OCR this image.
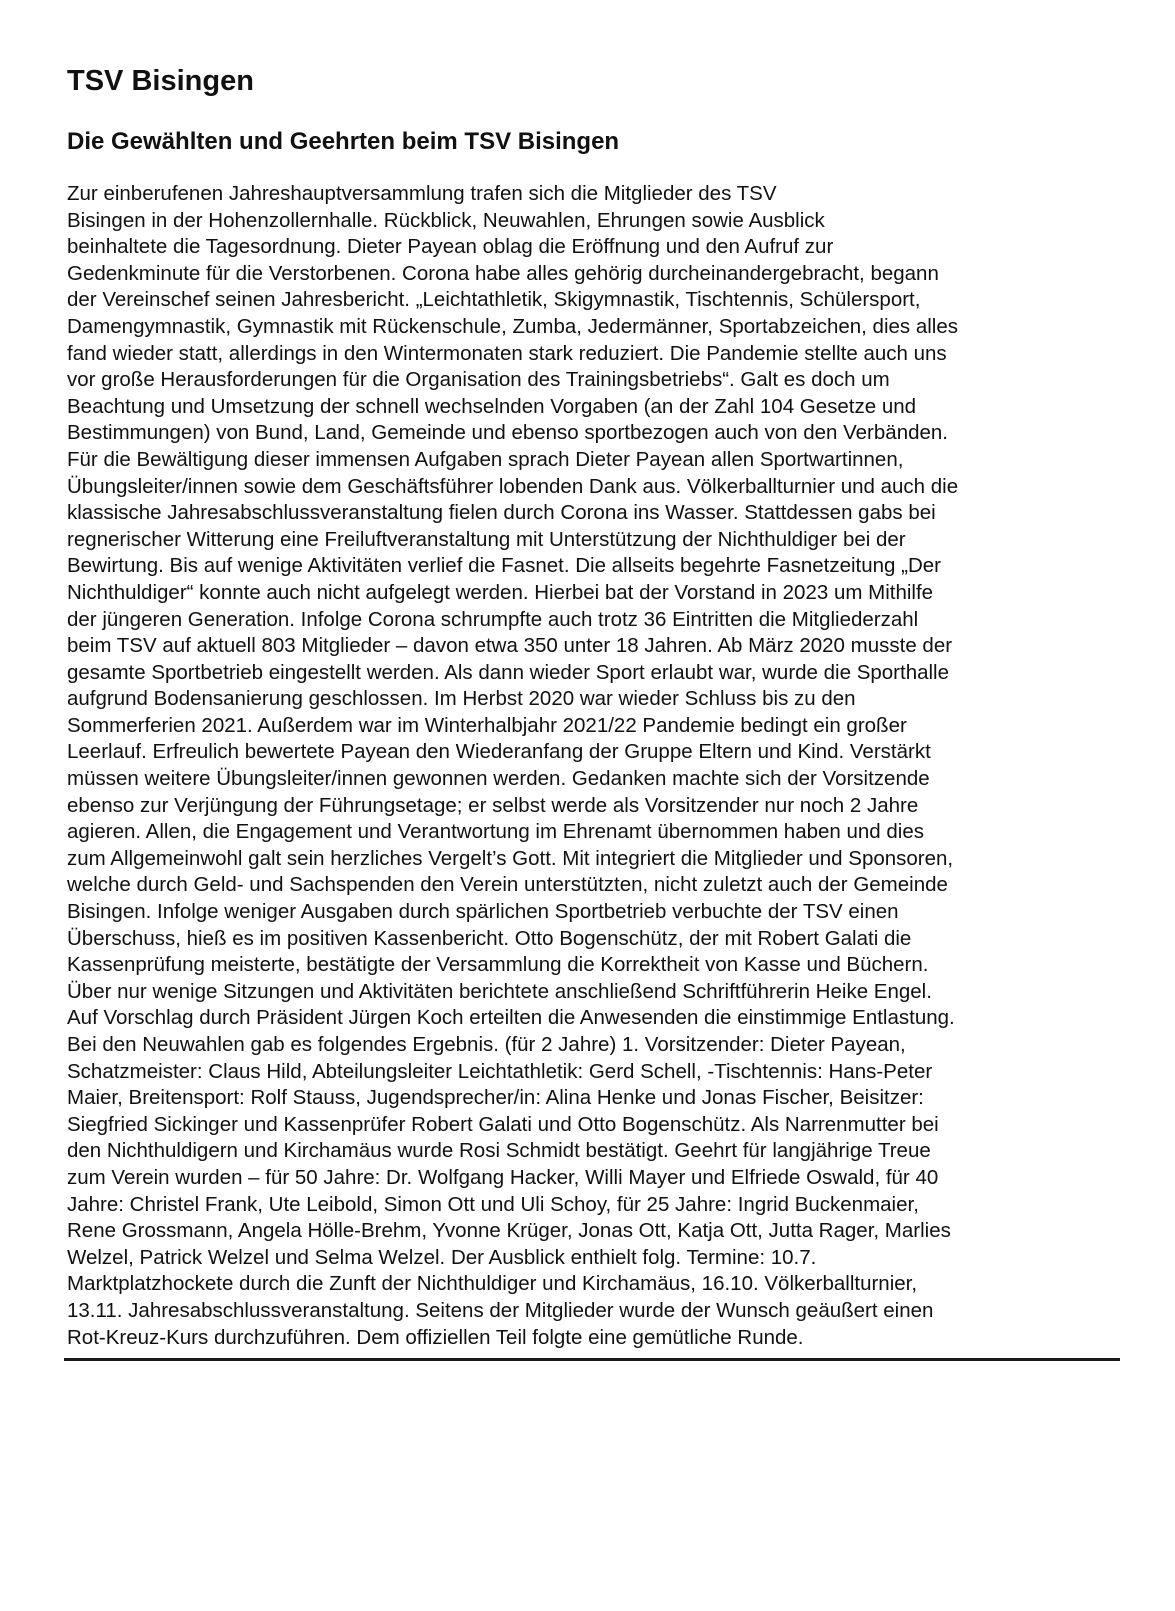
TSV Bisingen
Die Gewählten und Geehrten beim TSV Bisingen
Zur einberufenen Jahreshauptversammlung trafen sich die Mitglieder des TSV
Bisingen in der Hohenzollernhalle. Rückblick, Neuwahlen, Ehrungen sowie Ausblick
beinhaltete die Tagesordnung. Dieter Payean oblag die Eröffnung und den Aufruf zur
Gedenkminute für die Verstorbenen. Corona habe alles gehörig durcheinandergebracht, begann
der Vereinschef seinen Jahresbericht. „Leichtathletik, Skigymnastik, Tischtennis, Schülersport,
Damengymnastik, Gymnastik mit Rückenschule, Zumba, Jedermänner, Sportabzeichen, dies alles
fand wieder statt, allerdings in den Wintermonaten stark reduziert. Die Pandemie stellte auch uns
vor große Herausforderungen für die Organisation des Trainingsbetriebs“. Galt es doch um
Beachtung und Umsetzung der schnell wechselnden Vorgaben (an der Zahl 104 Gesetze und
Bestimmungen) von Bund, Land, Gemeinde und ebenso sportbezogen auch von den Verbänden.
Für die Bewältigung dieser immensen Aufgaben sprach Dieter Payean allen Sportwartinnen,
Übungsleiter/innen sowie dem Geschäftsführer lobenden Dank aus. Völkerballturnier und auch die
klassische Jahresabschlussveranstaltung fielen durch Corona ins Wasser. Stattdessen gabs bei
regnerischer Witterung eine Freiluftveranstaltung mit Unterstützung der Nichthuldiger bei der
Bewirtung. Bis auf wenige Aktivitäten verlief die Fasnet. Die allseits begehrte Fasnetzeitung „Der
Nichthuldiger“ konnte auch nicht aufgelegt werden. Hierbei bat der Vorstand in 2023 um Mithilfe
der jüngeren Generation. Infolge Corona schrumpfte auch trotz 36 Eintritten die Mitgliederzahl
beim TSV auf aktuell 803 Mitglieder – davon etwa 350 unter 18 Jahren. Ab März 2020 musste der
gesamte Sportbetrieb eingestellt werden. Als dann wieder Sport erlaubt war, wurde die Sporthalle
aufgrund Bodensanierung geschlossen. Im Herbst 2020 war wieder Schluss bis zu den
Sommerferien 2021. Außerdem war im Winterhalbjahr 2021/22 Pandemie bedingt ein großer
Leerlauf. Erfreulich bewertete Payean den Wiederanfang der Gruppe Eltern und Kind. Verstärkt
müssen weitere Übungsleiter/innen gewonnen werden. Gedanken machte sich der Vorsitzende
ebenso zur Verjüngung der Führungsetage; er selbst werde als Vorsitzender nur noch 2 Jahre
agieren. Allen, die Engagement und Verantwortung im Ehrenamt übernommen haben und dies
zum Allgemeinwohl galt sein herzliches Vergelt’s Gott. Mit integriert die Mitglieder und Sponsoren,
welche durch Geld- und Sachspenden den Verein unterstützten, nicht zuletzt auch der Gemeinde
Bisingen. Infolge weniger Ausgaben durch spärlichen Sportbetrieb verbuchte der TSV einen
Überschuss, hieß es im positiven Kassenbericht. Otto Bogenschütz, der mit Robert Galati die
Kassenprüfung meisterte, bestätigte der Versammlung die Korrektheit von Kasse und Büchern.
Über nur wenige Sitzungen und Aktivitäten berichtete anschließend Schriftführerin Heike Engel.
Auf Vorschlag durch Präsident Jürgen Koch erteilten die Anwesenden die einstimmige Entlastung.
Bei den Neuwahlen gab es folgendes Ergebnis. (für 2 Jahre) 1. Vorsitzender: Dieter Payean,
Schatzmeister: Claus Hild, Abteilungsleiter Leichtathletik: Gerd Schell, -Tischtennis: Hans-Peter
Maier, Breitensport: Rolf Stauss, Jugendsprecher/in: Alina Henke und Jonas Fischer, Beisitzer:
Siegfried Sickinger und Kassenprüfer Robert Galati und Otto Bogenschütz. Als Narrenmutter bei
den Nichthuldigern und Kirchamäus wurde Rosi Schmidt bestätigt. Geehrt für langjährige Treue
zum Verein wurden – für 50 Jahre: Dr. Wolfgang Hacker, Willi Mayer und Elfriede Oswald, für 40
Jahre: Christel Frank, Ute Leibold, Simon Ott und Uli Schoy, für 25 Jahre: Ingrid Buckenmaier,
Rene Grossmann, Angela Hölle-Brehm, Yvonne Krüger, Jonas Ott, Katja Ott, Jutta Rager, Marlies
Welzel, Patrick Welzel und Selma Welzel. Der Ausblick enthielt folg. Termine: 10.7.
Marktplatzhockete durch die Zunft der Nichthuldiger und Kirchamäus, 16.10. Völkerballturnier,
13.11. Jahresabschlussveranstaltung. Seitens der Mitglieder wurde der Wunsch geäußert einen
Rot-Kreuz-Kurs durchzuführen. Dem offiziellen Teil folgte eine gemütliche Runde.
